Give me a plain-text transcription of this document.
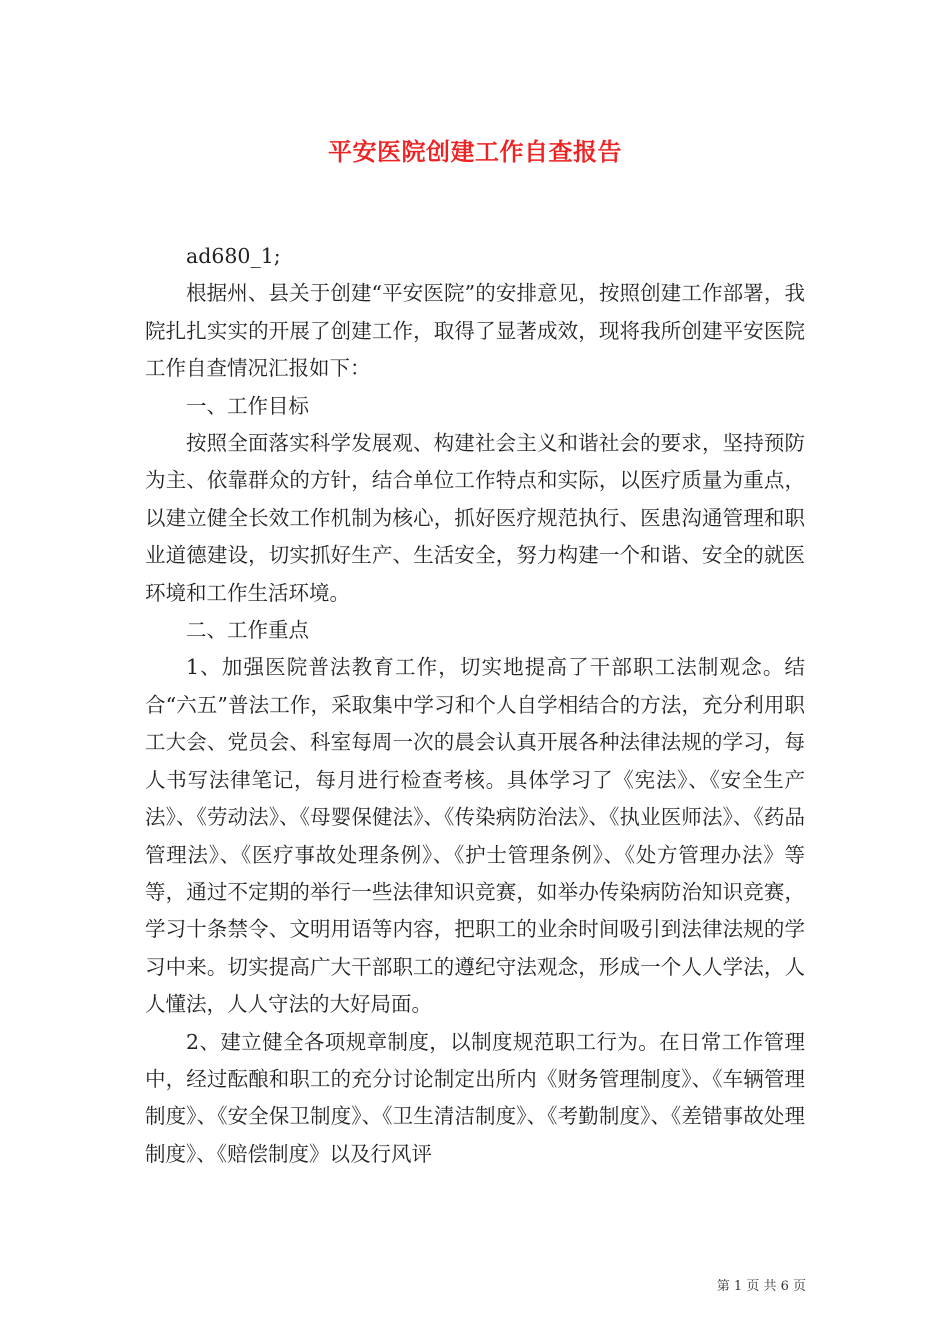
平安医院创建工作自查报告

ad680_1;

根据州、县关于创建“平安医院”的安排意见，按照创建工作部署，我院扎扎实实的开展了创建工作，取得了显著成效，现将我所创建平安医院工作自查情况汇报如下：

一、工作目标

按照全面落实科学发展观、构建社会主义和谐社会的要求，坚持预防为主、依靠群众的方针，结合单位工作特点和实际，以医疗质量为重点，以建立健全长效工作机制为核心，抓好医疗规范执行、医患沟通管理和职业道德建设，切实抓好生产、生活安全，努力构建一个和谐、安全的就医环境和工作生活环境。

二、工作重点

1、加强医院普法教育工作，切实地提高了干部职工法制观念。结合“六五”普法工作，采取集中学习和个人自学相结合的方法，充分利用职工大会、党员会、科室每周一次的晨会认真开展各种法律法规的学习，每人书写法律笔记，每月进行检查考核。具体学习了《宪法》、《安全生产法》、《劳动法》、《母婴保健法》、《传染病防治法》、《执业医师法》、《药品管理法》、《医疗事故处理条例》、《护士管理条例》、《处方管理办法》等等，通过不定期的举行一些法律知识竞赛，如举办传染病防治知识竞赛，学习十条禁令、文明用语等内容，把职工的业余时间吸引到法律法规的学习中来。切实提高广大干部职工的遵纪守法观念，形成一个人人学法，人人懂法，人人守法的大好局面。

2、建立健全各项规章制度，以制度规范职工行为。在日常工作管理中，经过酝酿和职工的充分讨论制定出所内《财务管理制度》、《车辆管理制度》、《安全保卫制度》、《卫生清洁制度》、《考勤制度》、《差错事故处理制度》、《赔偿制度》以及行风评

第 1 页 共 6 页
